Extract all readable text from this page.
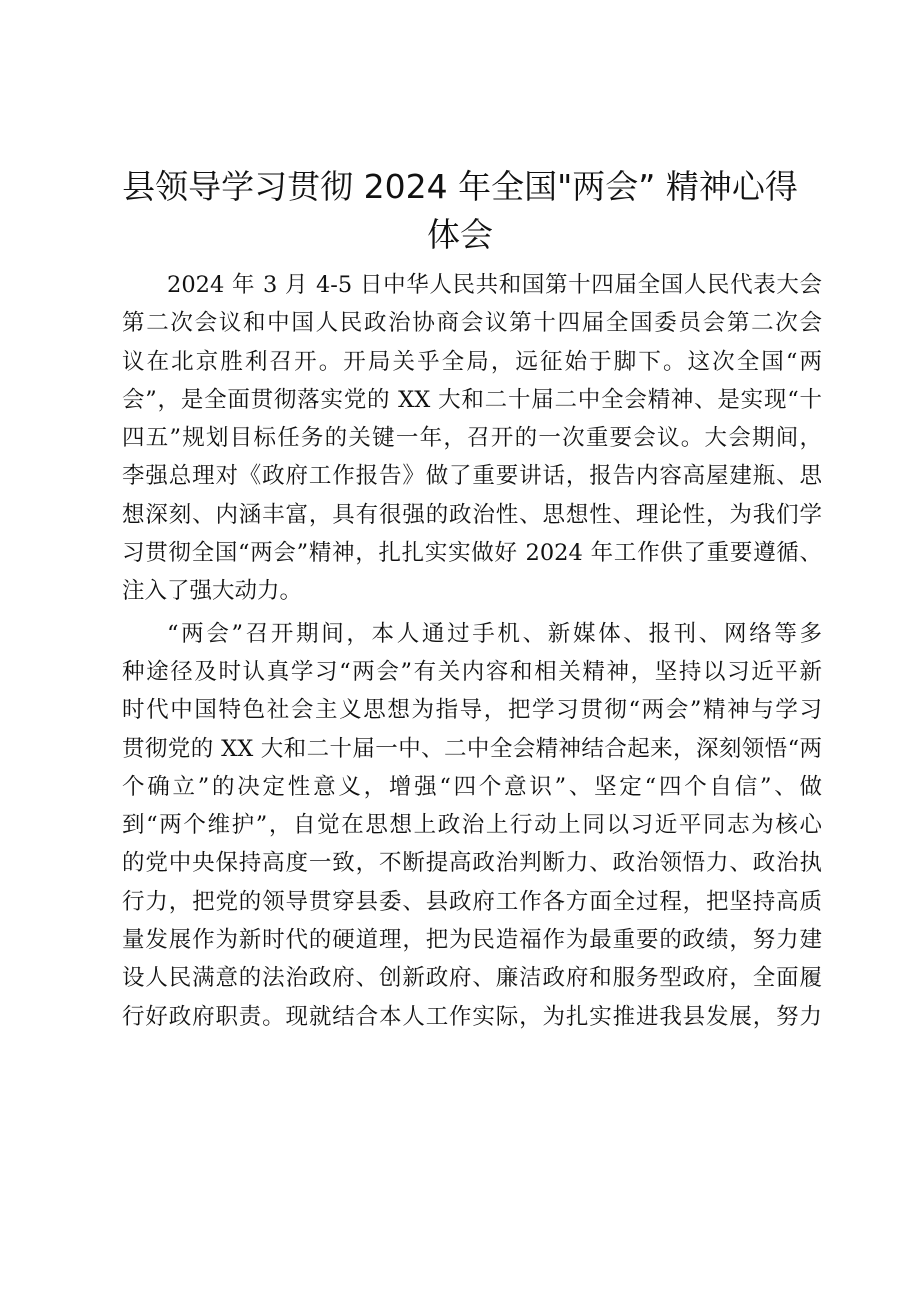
县领导学习贯彻 2024 年全国"两会” 精神心得
体会
2024 年 3 月 4-5 日中华人民共和国第十四届全国人民代表大会
第二次会议和中国人民政治协商会议第十四届全国委员会第二次会
议在北京胜利召开。开局关乎全局，远征始于脚下。这次全国“两
会”，是全面贯彻落实党的 XX 大和二十届二中全会精神、是实现“十
四五”规划目标任务的关键一年，召开的一次重要会议。大会期间，
李强总理对《政府工作报告》做了重要讲话，报告内容高屋建瓶、思
想深刻、内涵丰富，具有很强的政治性、思想性、理论性，为我们学
习贯彻全国“两会”精神，扎扎实实做好 2024 年工作供了重要遵循、
注入了强大动力。
“两会”召开期间，本人通过手机、新媒体、报刊、网络等多
种途径及时认真学习“两会”有关内容和相关精神，坚持以习近平新
时代中国特色社会主义思想为指导，把学习贯彻“两会”精神与学习
贯彻党的 XX 大和二十届一中、二中全会精神结合起来，深刻领悟“两
个确立”的决定性意义，增强“四个意识”、坚定“四个自信”、做
到“两个维护”，自觉在思想上政治上行动上同以习近平同志为核心
的党中央保持高度一致，不断提高政治判断力、政治领悟力、政治执
行力，把党的领导贯穿县委、县政府工作各方面全过程，把坚持高质
量发展作为新时代的硬道理，把为民造福作为最重要的政绩，努力建
设人民满意的法治政府、创新政府、廉洁政府和服务型政府，全面履
行好政府职责。现就结合本人工作实际，为扎实推进我县发展，努力
